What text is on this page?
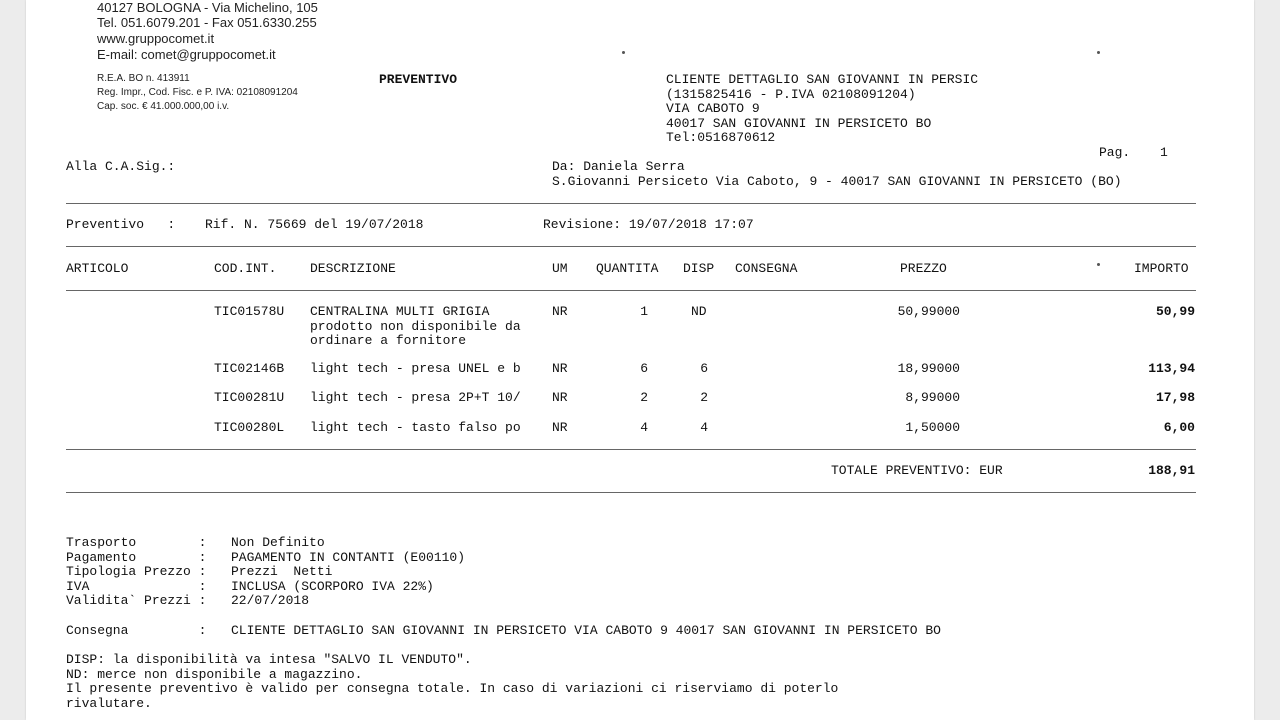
40127 BOLOGNA - Via Michelino, 105
Tel. 051.6079.201 - Fax 051.6330.255
www.gruppocomet.it
E-mail: comet@gruppocomet.it
R.E.A. BO n. 413911
Reg. Impr., Cod. Fisc. e P. IVA: 02108091204
Cap. soc. € 41.000.000,00 i.v.
PREVENTIVO	CLIENTE DETTAGLIO SAN GIOVANNI IN PERSIC
(1315825416 - P.IVA 02108091204)
VIA CABOTO 9
40017 SAN GIOVANNI IN PERSICETO BO
Tel:0516870612
Pag. 1
Alla C.A.Sig.:	Da: Daniela Serra
S.Giovanni Persiceto Via Caboto, 9 - 40017 SAN GIOVANNI IN PERSICETO (BO)
Preventivo   : Rif. N. 75669 del 19/07/2018	Revisione: 19/07/2018 17:07
ARTICOLO	COD.INT.	DESCRIZIONE	UM QUANTITA DISP CONSEGNA	PREZZO	IMPORTO
TIC01578U CENTRALINA MULTI GRIGIA
prodotto non disponibile da
ordinare a fornitore
NR	1	ND	50,99000	50,99
TIC02146B light tech - presa UNEL e b NR	6	6	18,99000	113,94
TIC00281U light tech - presa 2P+T 10/ NR	2	2	8,99000	17,98
TIC00280L light tech - tasto falso po NR	4	4	1,50000	6,00
TOTALE PREVENTIVO: EUR	188,91
Trasporto        : Non Definito
Pagamento        : PAGAMENTO IN CONTANTI (E00110)
Tipologia Prezzo : Prezzi  Netti
IVA              : INCLUSA (SCORPORO IVA 22%)
Validita` Prezzi : 22/07/2018
Consegna         : CLIENTE DETTAGLIO SAN GIOVANNI IN PERSICETO VIA CABOTO 9 40017 SAN GIOVANNI IN PERSICETO BO
DISP: la disponibilità va intesa "SALVO IL VENDUTO".
ND: merce non disponibile a magazzino.
Il presente preventivo è valido per consegna totale. In caso di variazioni ci riserviamo di poterlo
rivalutare.
